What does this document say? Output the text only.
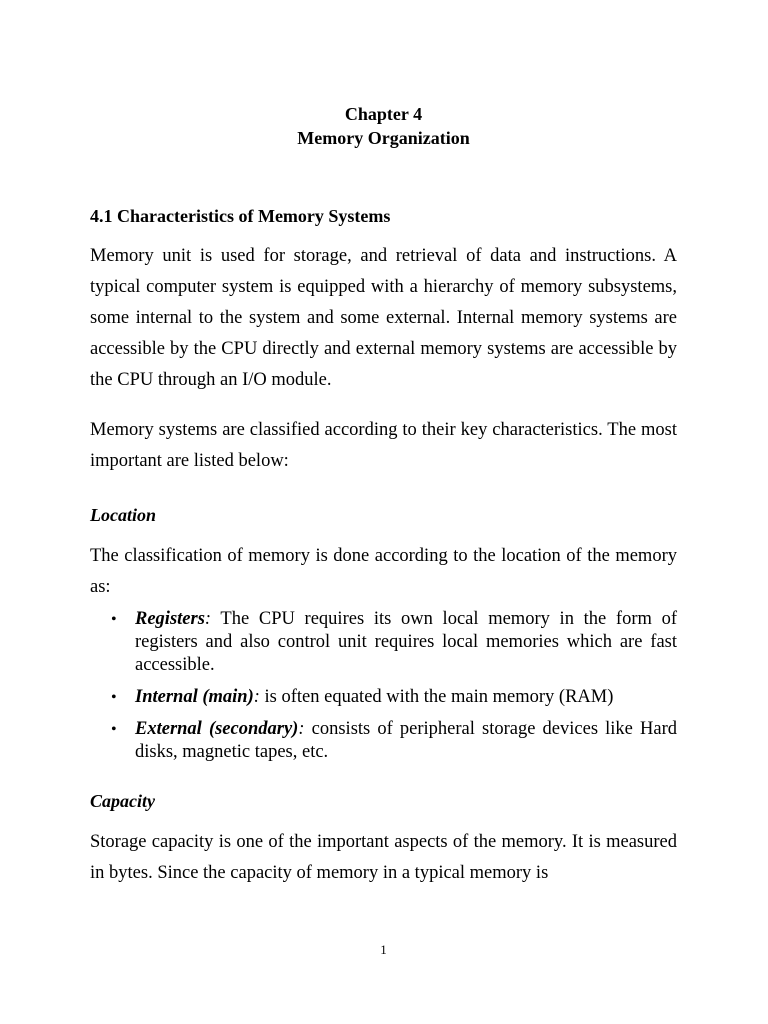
Chapter 4
Memory Organization
4.1 Characteristics of Memory Systems

Memory unit is used for storage, and retrieval of data and instructions. A typical computer system is equipped with a hierarchy of memory subsystems, some internal to the system and some external. Internal memory systems are accessible by the CPU directly and external memory systems are accessible by the CPU through an I/O module.

Memory systems are classified according to their key characteristics. The most important are listed below:

Location

The classification of memory is done according to the location of the memory as:

• Registers: The CPU requires its own local memory in the form of registers and also control unit requires local memories which are fast accessible.
• Internal (main): is often equated with the main memory (RAM)
• External (secondary): consists of peripheral storage devices like Hard disks, magnetic tapes, etc.
Capacity

Storage capacity is one of the important aspects of the memory. It is measured in bytes. Since the capacity of memory in a typical memory is

1
